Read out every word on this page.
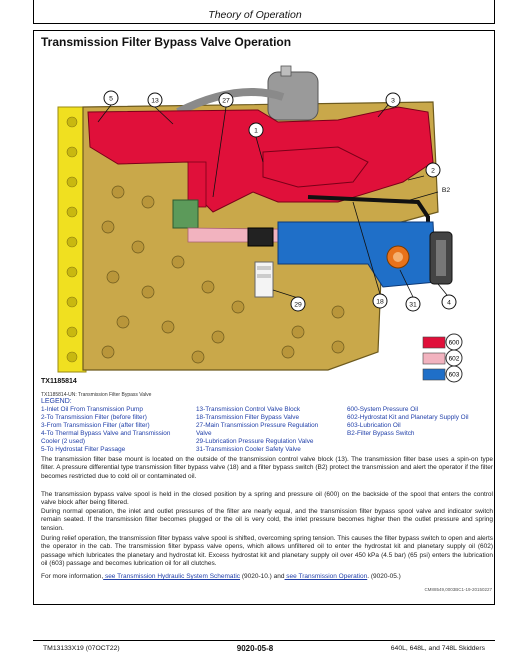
Theory of Operation
Transmission Filter Bypass Valve Operation
600
602
603
5	13	27
1
3
2
B2
18	31	4
29
TX1185814
TX1185814-UN: Transmission Filter Bypass Valve
LEGEND:
1-Inlet Oil From Transmission Pump
2-To Transmission Filter (before filter)
3-From Transmission Filter (after filter)
4-To Thermal Bypass Valve and Transmission
Cooler (2 used)
5-To Hydrostat Filter Passage
13-Transmission Control Valve Block
18-Transmission Filter Bypass Valve
27-Main Transmission Pressure Regulation
Valve
29-Lubrication Pressure Regulation Valve
31-Transmission Cooler Safety Valve
600-System Pressure Oil
602-Hydrostat Kit and Planetary Supply Oil
603-Lubrication Oil
B2-Filter Bypass Switch

The transmission filter base mount is located on the outside of the transmission control valve block (13). The transmission filter base uses a spin-on type filter. A pressure differential type transmission filter bypass valve (18) and a filter bypass switch (B2) protect the transmission and alert the operator if the filter becomes restricted due to cold oil or contaminated oil.

The transmission bypass valve spool is held in the closed position by a spring and pressure oil (600) on the backside of the spool that enters the control valve block after being filtered.

During normal operation, the inlet and outlet pressures of the filter are nearly equal, and the transmission filter bypass spool valve and indicator switch remain seated. If the transmission filter becomes plugged or the oil is very cold, the inlet pressure becomes higher then the outlet pressure and spring tension.

During relief operation, the transmission filter bypass valve spool is shifted, overcoming spring tension. This causes the filter bypass switch to open and alerts the operator in the cab. The transmission filter bypass valve opens, which allows unfiltered oil to enter the hydrostat kit and planetary supply oil (602) passage which lubricates the planetary and hydrostat kit. Excess hydrostat kit and planetary supply oil over 450 kPa (4.5 bar) (65 psi) enters the lubrication oil (603) passage and becomes lubrication oil for all clutches.

For more information, see Transmission Hydraulic System Schematic (9020-10.) and see Transmission Operation. (9020-05.)

CM88549,0003BC1-19-20150227
TM13133X19 (07OCT22)	9020-05-8	640L, 648L, and 748L Skidders
